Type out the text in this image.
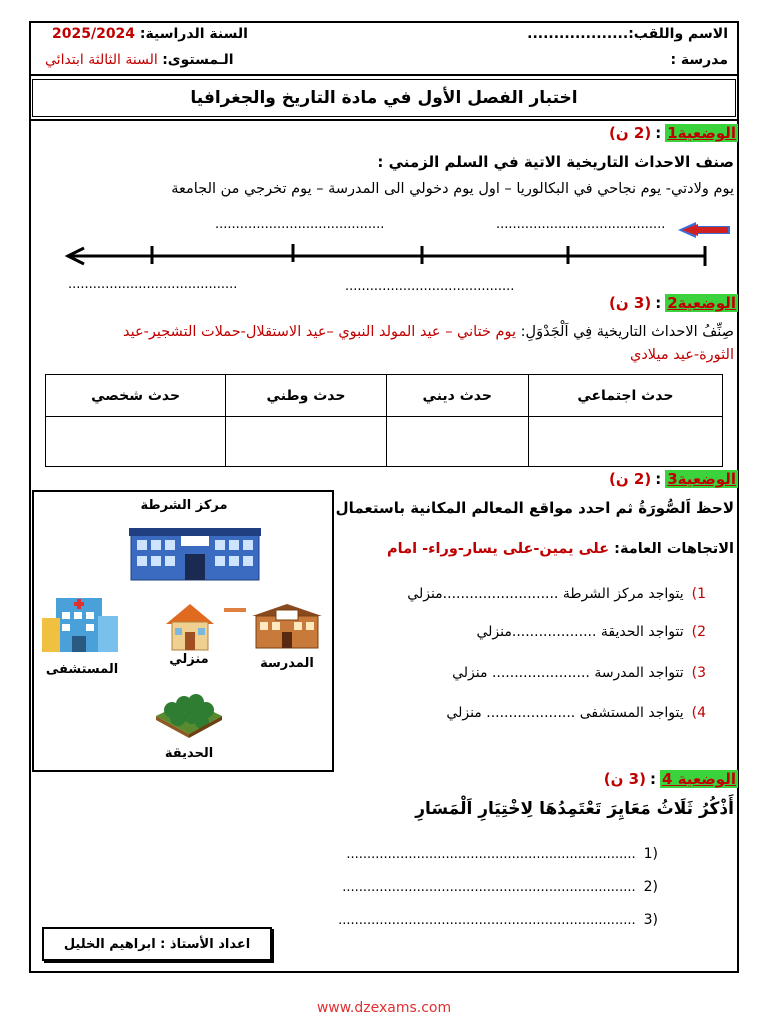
الاسم واللقب:...................
مدرسة :
السنة الدراسية: 2025/2024
الـمستوى: السنة الثالثة ابتدائي
اختبار الفصل الأول في مادة التاريخ والجغرافيا
الوضعية1
:
(2 ن)
صنف الاحداث التاريخية الاتية في السلم الزمني :
يوم ولادتي- يوم نجاحي في البكالوريا – اول يوم دخولي الى المدرسة – يوم تخرجي من الجامعة
.........................................
.........................................
.........................................
.........................................
الوضعية2
:
(3 ن)
صِنِّفُ الاحداث التاريخية فِي اَلْجَدْوَلِ: يوم ختاني – عيد المولد النبوي –عيد الاستقلال-حملات التشجير-عيد
الثورة-عيد ميلادي
حدث اجتماعي	حدث ديني	حدث وطني	حدث شخصي

الوضعية3
:
(2 ن)
لاحظ اَلصُّورَةُ ثم احدد مواقع المعالم المكانية باستعمال
الاتجاهات العامة: على يمين-على يسار-وراء- امام
1)
يتواجد مركز الشرطة ..........................منزلي
2)
تتواجد الحديقة ...................منزلي
3)
تتواجد المدرسة ...................... منزلي
4)
يتواجد المستشفى .................... منزلي
مركز الشرطة
المستشفى
منزلي	المدرسة
الحديقة
الوضعية 4
:
(3 ن)
أَذْكُرُ ثَلَاثُ مَعَايِرَ تَعْتَمِدُهَا لِاخْتِيَارِ اَلْمَسَارِ
(1
......................................................................
(2
.......................................................................
(3
........................................................................
اعداد الأستاذ : ابراهيم الخليل
www.dzexams.com
